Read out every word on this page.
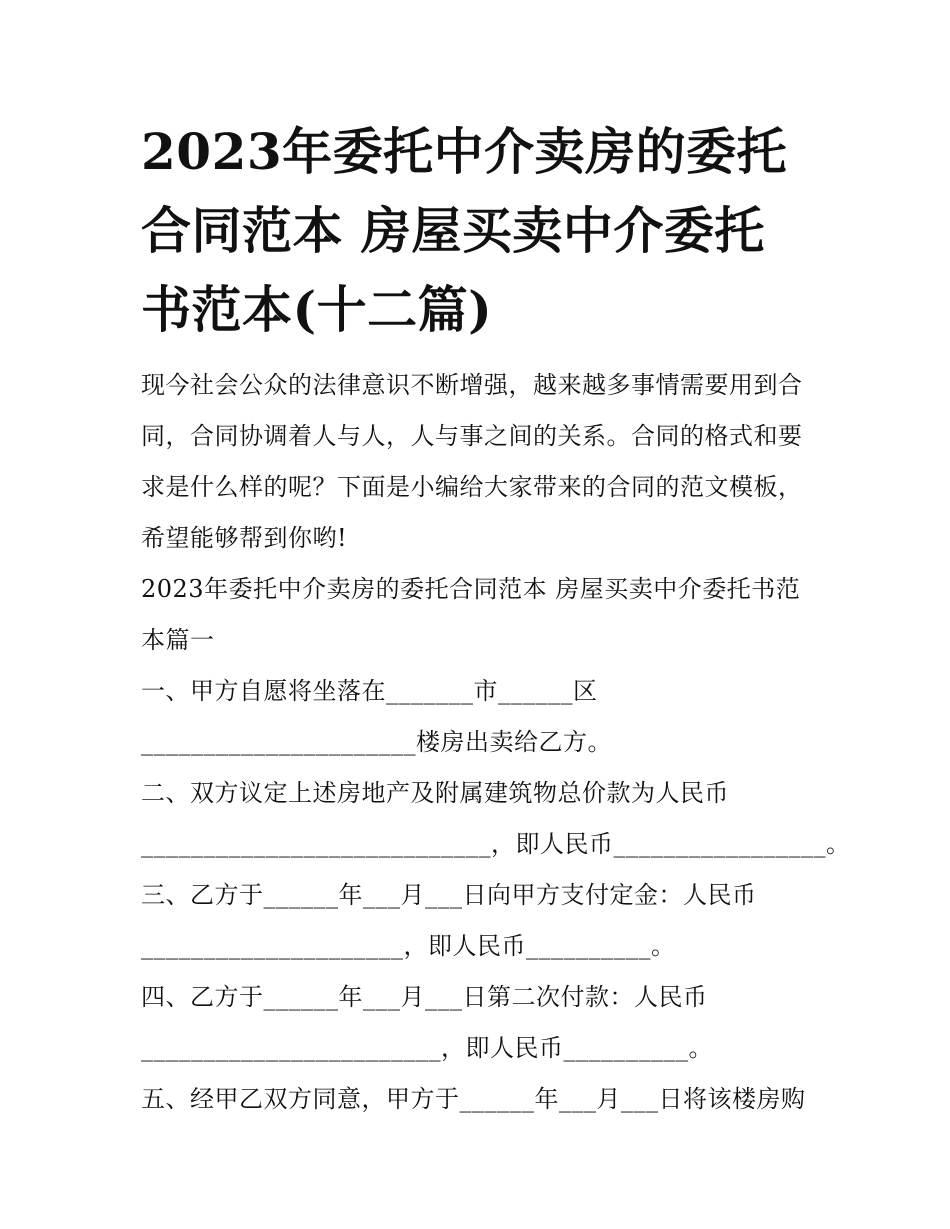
2023年委托中介卖房的委托合同范本 房屋买卖中介委托书范本(十二篇)

现今社会公众的法律意识不断增强，越来越多事情需要用到合同，合同协调着人与人，人与事之间的关系。合同的格式和要求是什么样的呢？下面是小编给大家带来的合同的范文模板，希望能够帮到你哟!

2023年委托中介卖房的委托合同范本 房屋买卖中介委托书范本篇一

一、甲方自愿将坐落在_______市______区

______________________楼房出卖给乙方。

二、双方议定上述房地产及附属建筑物总价款为人民币

____________________________，即人民币_________________。

三、乙方于______年___月___日向甲方支付定金：人民币

_____________________，即人民币__________。

四、乙方于______年___月___日第二次付款：人民币

________________________，即人民币__________。

五、经甲乙双方同意，甲方于______年___月___日将该楼房购
